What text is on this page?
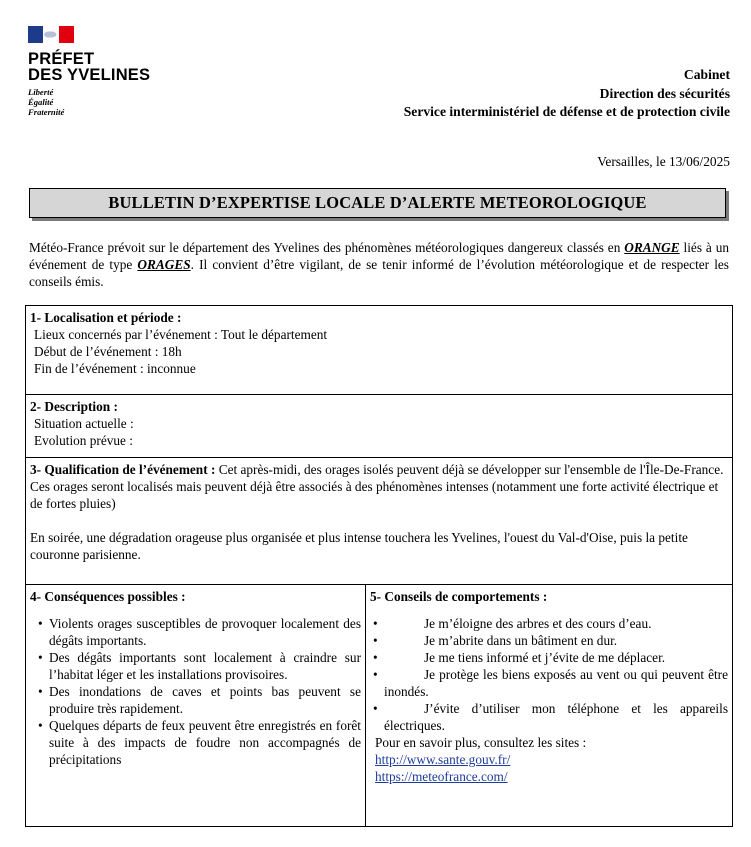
PRÉFET
DES YVELINES
Liberté
Égalité
Fraternité
Cabinet
Direction des sécurités
Service interministériel de défense et de protection civile
Versailles, le 13/06/2025
BULLETIN D’EXPERTISE LOCALE D’ALERTE METEOROLOGIQUE
Météo-France prévoit sur le département des Yvelines des phénomènes météorologiques dangereux classés en ORANGE liés à un événement de type ORAGES. Il convient d’être vigilant, de se tenir informé de l’évolution météorologique et de respecter les conseils émis.
1- Localisation et période :
Lieux concernés par l’événement : Tout le département
Début de l’événement : 18h
Fin de l’événement : inconnue

2- Description :
Situation actuelle :
Evolution prévue :

3- Qualification de l’événement : Cet après-midi, des orages isolés peuvent déjà se développer sur l'ensemble de l'Île-De-France. Ces orages seront localisés mais peuvent déjà être associés à des phénomènes intenses (notamment une forte activité électrique et de fortes pluies)
En soirée, une dégradation orageuse plus organisée et plus intense touchera les Yvelines, l'ouest du Val-d'Oise, puis la petite couronne parisienne.

4- Conséquences possibles :
• Violents orages susceptibles de provoquer localement des dégâts importants.
• Des dégâts importants sont localement à craindre sur l’habitat léger et les installations provisoires.
• Des inondations de caves et points bas peuvent se produire très rapidement.
• Quelques départs de feux peuvent être enregistrés en forêt suite à des impacts de foudre non accompagnés de précipitations
	5- Conseils de comportements :
• Je m’éloigne des arbres et des cours d’eau.
• Je m’abrite dans un bâtiment en dur.
• Je me tiens informé et j’évite de me déplacer.
• Je protège les biens exposés au vent ou qui peuvent être inondés.
• J’évite d’utiliser mon téléphone et les appareils électriques.
Pour en savoir plus, consultez les sites :
http://www.sante.gouv.fr/
https://meteofrance.com/
